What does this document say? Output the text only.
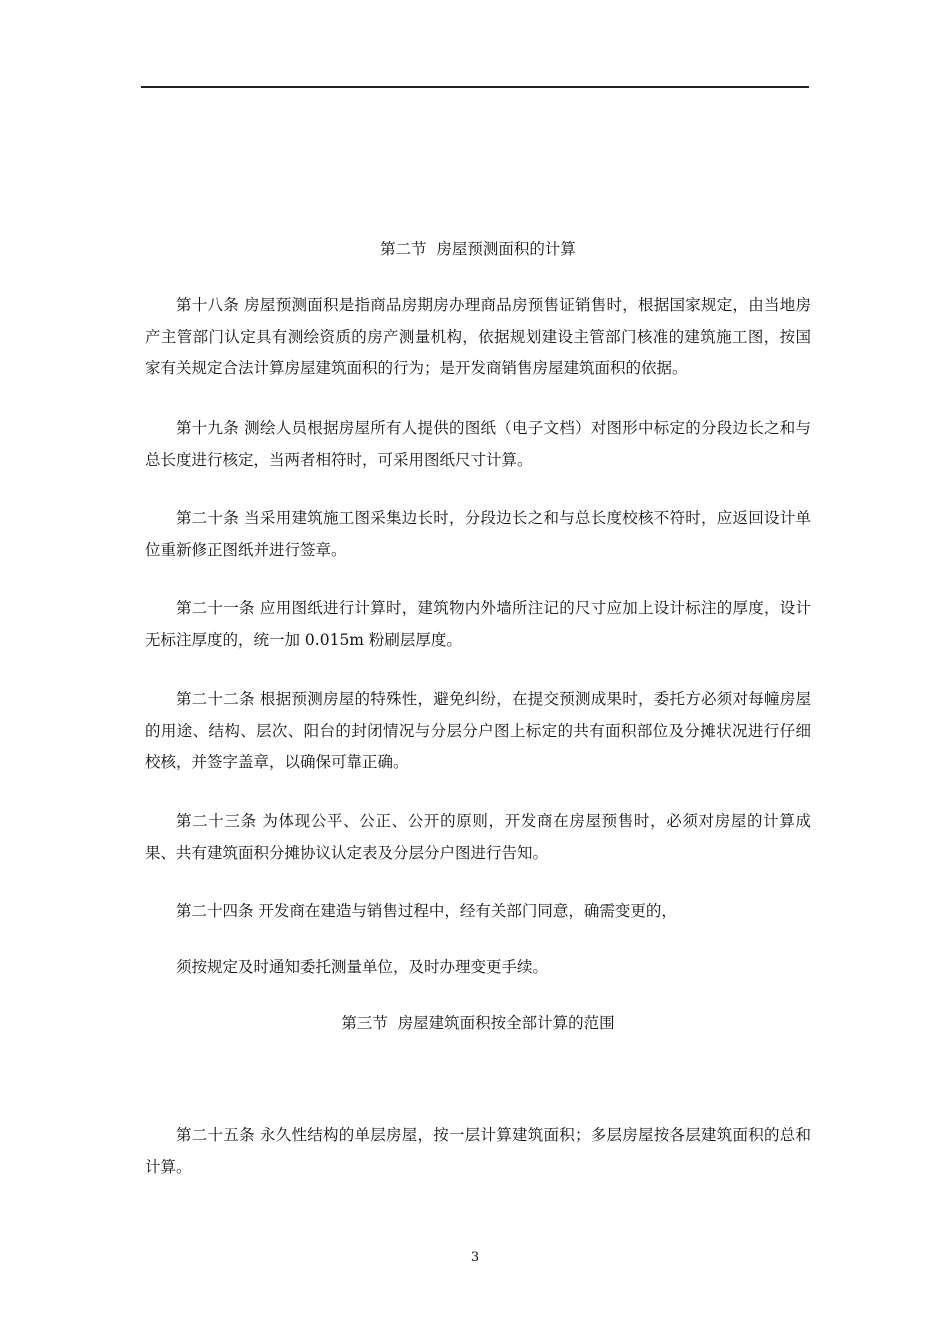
第二节  房屋预测面积的计算

第十八条 房屋预测面积是指商品房期房办理商品房预售证销售时，根据国家规定，由当地房产主管部门认定具有测绘资质的房产测量机构，依据规划建设主管部门核准的建筑施工图，按国家有关规定合法计算房屋建筑面积的行为；是开发商销售房屋建筑面积的依据。

第十九条 测绘人员根据房屋所有人提供的图纸（电子文档）对图形中标定的分段边长之和与总长度进行核定，当两者相符时，可采用图纸尺寸计算。

第二十条 当采用建筑施工图采集边长时，分段边长之和与总长度校核不符时，应返回设计单位重新修正图纸并进行签章。

第二十一条 应用图纸进行计算时，建筑物内外墙所注记的尺寸应加上设计标注的厚度，设计无标注厚度的，统一加 0.015m 粉刷层厚度。

第二十二条 根据预测房屋的特殊性，避免纠纷，在提交预测成果时，委托方必须对每幢房屋的用途、结构、层次、阳台的封闭情况与分层分户图上标定的共有面积部位及分摊状况进行仔细校核，并签字盖章，以确保可靠正确。

第二十三条 为体现公平、公正、公开的原则，开发商在房屋预售时，必须对房屋的计算成果、共有建筑面积分摊协议认定表及分层分户图进行告知。

第二十四条 开发商在建造与销售过程中，经有关部门同意，确需变更的，

须按规定及时通知委托测量单位，及时办理变更手续。

第三节  房屋建筑面积按全部计算的范围

第二十五条 永久性结构的单层房屋，按一层计算建筑面积；多层房屋按各层建筑面积的总和计算。

3
